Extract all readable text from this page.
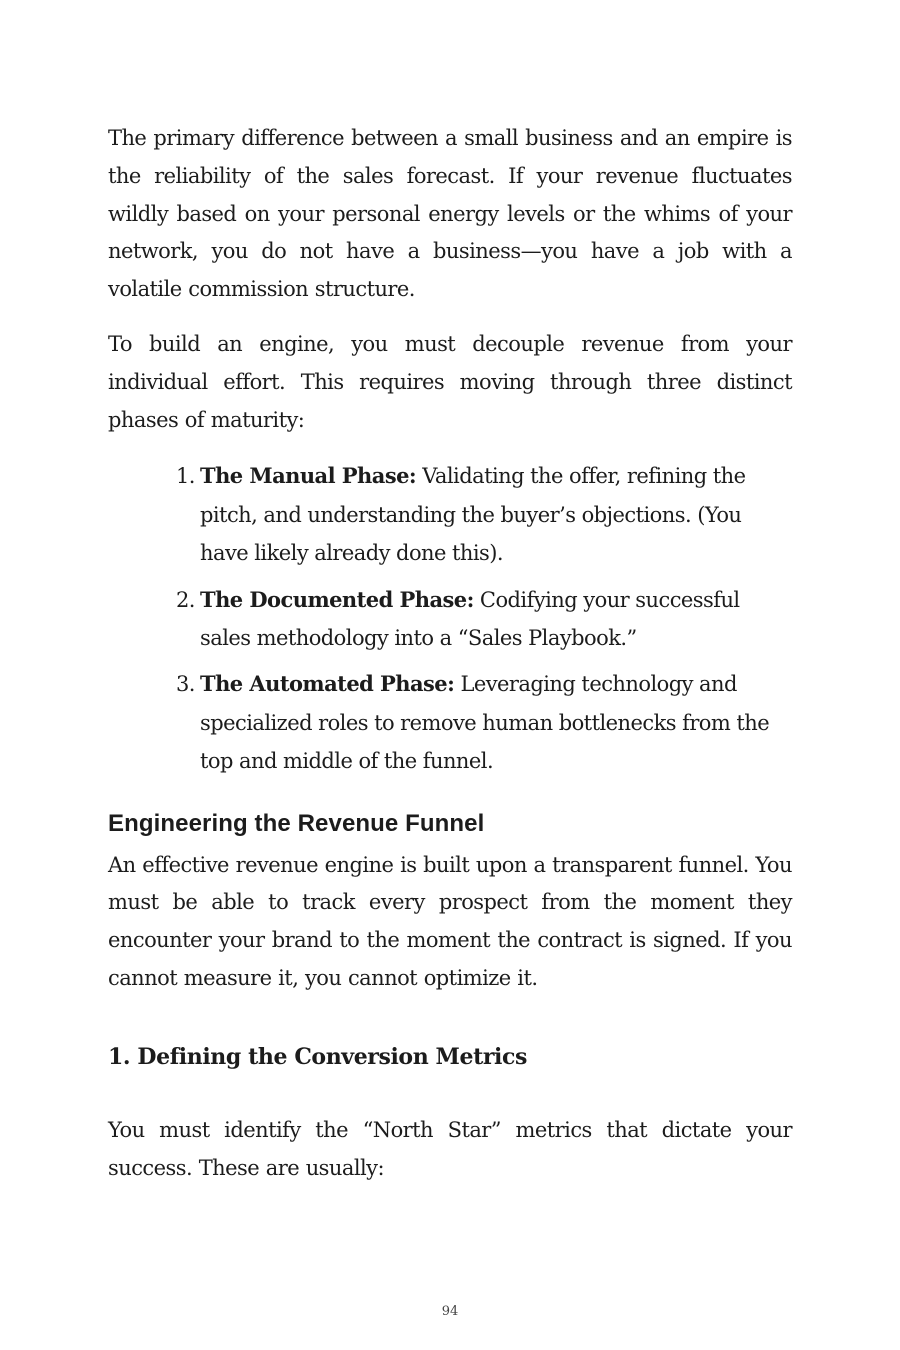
The primary difference between a small business and an empire is the reliability of the sales forecast. If your revenue fluctuates wildly based on your personal energy levels or the whims of your network, you do not have a business—you have a job with a volatile commission structure.

To build an engine, you must decouple revenue from your individual effort. This requires moving through three distinct phases of maturity:

1. The Manual Phase: Validating the offer, refining the pitch, and understanding the buyer’s objections. (You have likely already done this).
2. The Documented Phase: Codifying your successful sales methodology into a “Sales Playbook.”
3. The Automated Phase: Leveraging technology and specialized roles to remove human bottlenecks from the top and middle of the funnel.
Engineering the Revenue Funnel

An effective revenue engine is built upon a transparent funnel. You must be able to track every prospect from the moment they encounter your brand to the moment the contract is signed. If you cannot measure it, you cannot optimize it.

1. Defining the Conversion Metrics

You must identify the “North Star” metrics that dictate your success. These are usually:

94
